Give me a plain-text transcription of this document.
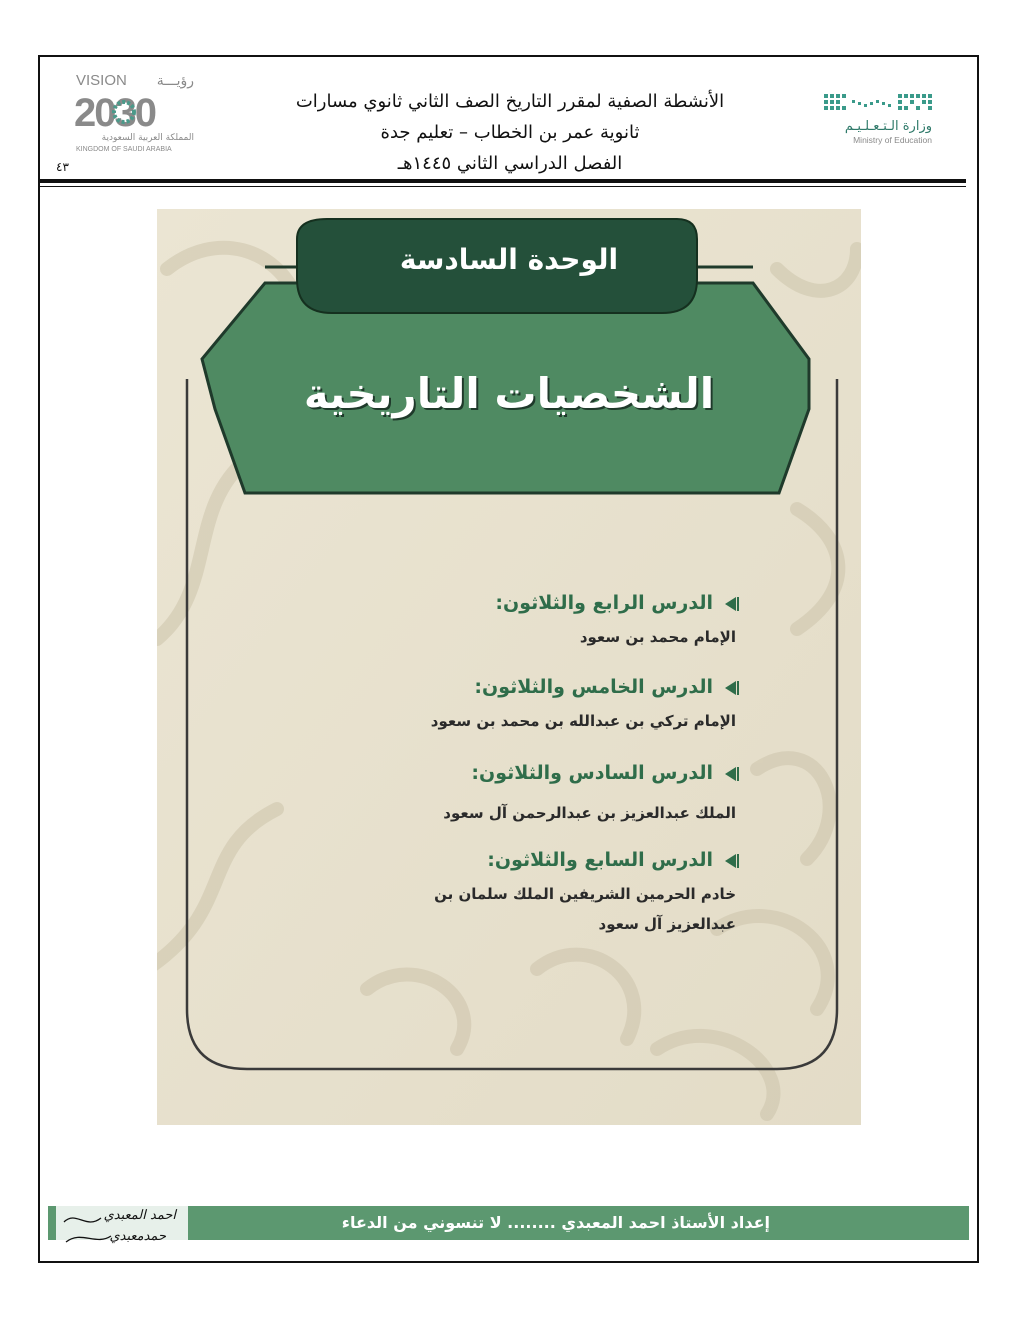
VISION رؤيـــة
2030
المملكة العربية السعودية
KINGDOM OF SAUDI ARABIA
٤٣
الأنشطة الصفية لمقرر التاريخ الصف الثاني ثانوي مسارات
ثانوية عمر بن الخطاب – تعليم جدة
الفصل الدراسي الثاني ١٤٤٥هـ
وزارة الـتـعـلـيـم
Ministry of Education
الوحدة السادسة
الشخصيات التاريخية
الدرس الرابع والثلاثون:
الإمام محمد بن سعود
الدرس الخامس والثلاثون:
الإمام تركي بن عبدالله بن محمد بن سعود
الدرس السادس والثلاثون:
الملك عبدالعزيز بن عبدالرحمن آل سعود
الدرس السابع والثلاثون:
خادم الحرمين الشريفين الملك سلمان بن
عبدالعزيز آل سعود
إعداد الأستاذ احمد المعبدي ........ لا تنسوني من الدعاء
احمد المعبدي
حمدمعبدي
